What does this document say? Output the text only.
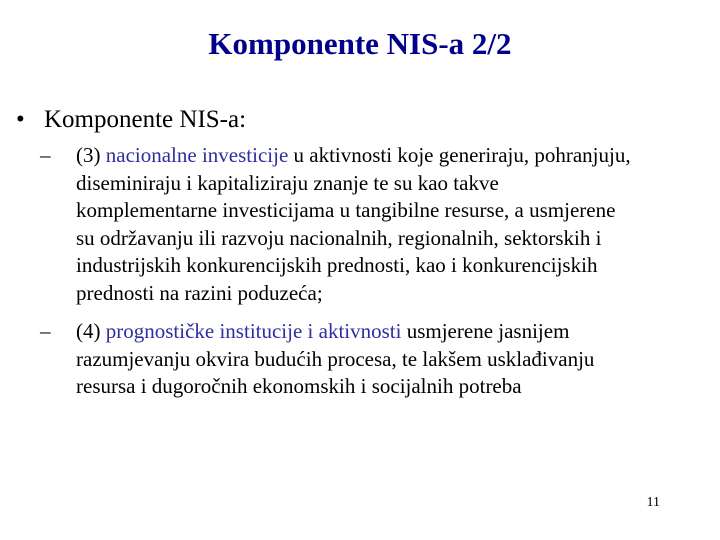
Komponente NIS-a 2/2
• Komponente NIS-a:
– (3) nacionalne investicije u aktivnosti koje generiraju, pohranjuju,
diseminiraju i kapitaliziraju znanje te su kao takve
komplementarne investicijama u tangibilne resurse, a usmjerene
su održavanju ili razvoju nacionalnih, regionalnih, sektorskih i
industrijskih konkurencijskih prednosti, kao i konkurencijskih
prednosti na razini poduzeća;
– (4) prognostičke institucije i aktivnosti usmjerene jasnijem
razumjevanju okvira budućih procesa, te lakšem usklađivanju
resursa i dugoročnih ekonomskih i socijalnih potreba
11
